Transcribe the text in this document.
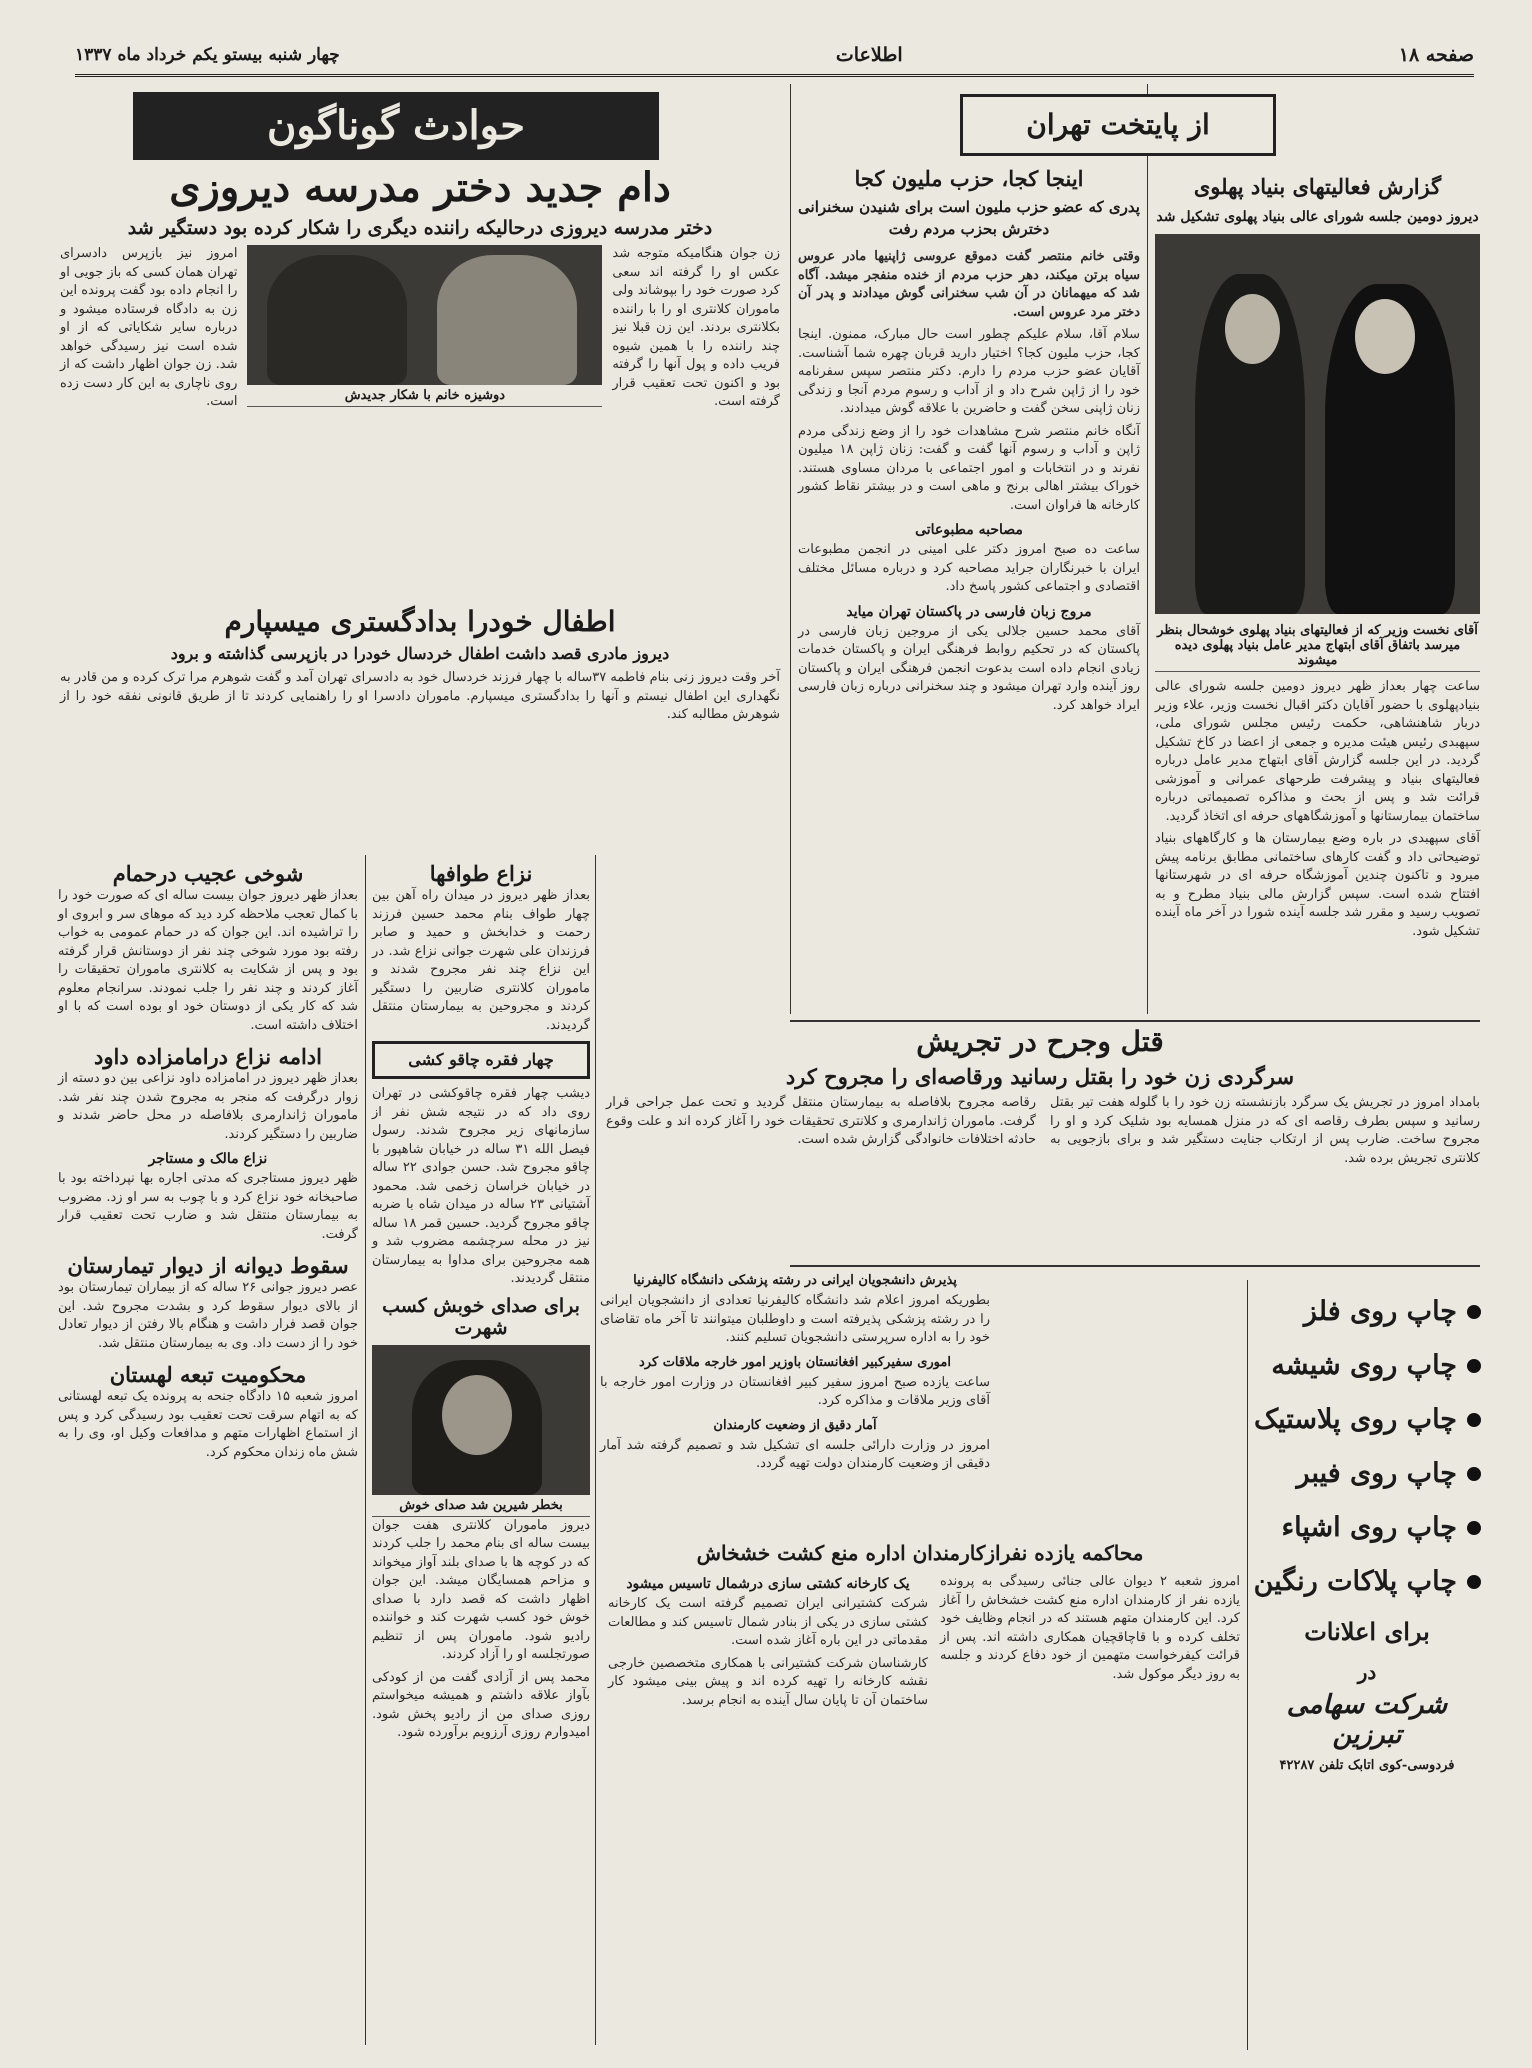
صفحه ۱۸
اطلاعات
چهار شنبه بیستو یکم خرداد ماه ۱۳۳۷
از پایتخت تهران
گزارش فعالیتهای بنیاد پهلوی
دیروز دومین جلسه شورای عالی بنیاد پهلوی تشکیل شد
آقای نخست وزیر که از فعالیتهای بنیاد پهلوی خوشحال بنظر میرسد باتفاق آقای ابتهاج مدیر عامل بنیاد پهلوی دیده میشوند

ساعت چهار بعداز ظهر دیروز دومین جلسه شورای عالی بنیادپهلوی با حضور آقایان دکتر اقبال نخست وزیر، علاء وزیر دربار شاهنشاهی، حکمت رئیس مجلس شورای ملی، سپهبدی رئیس هیئت مدیره و جمعی از اعضا در کاخ تشکیل گردید. در این جلسه گزارش آقای ابتهاج مدیر عامل درباره فعالیتهای بنیاد و پیشرفت طرحهای عمرانی و آموزشی قرائت شد و پس از بحث و مذاکره تصمیماتی درباره ساختمان بیمارستانها و آموزشگاههای حرفه ای اتخاذ گردید.

آقای سپهبدی در باره وضع بیمارستان ها و کارگاههای بنیاد توضیحاتی داد و گفت کارهای ساختمانی مطابق برنامه پیش میرود و تاکنون چندین آموزشگاه حرفه ای در شهرستانها افتتاح شده است. سپس گزارش مالی بنیاد مطرح و به تصویب رسید و مقرر شد جلسه آینده شورا در آخر ماه آینده تشکیل شود.

اینجا کجا، حزب ملیون کجا
پدری که عضو حزب ملیون است برای شنیدن سخنرانی دخترش بحزب مردم رفت

وقتی خانم منتصر گفت دموقع عروسی ژاپنیها مادر عروس سیاه برتن میکند، دهر حزب مردم از خنده منفجر میشد. آگاه شد که میهمانان در آن شب سخنرانی گوش میدادند و پدر آن دختر مرد عروس است.

سلام آقا، سلام علیکم چطور است حال مبارک، ممنون. اینجا کجا، حزب ملیون کجا؟ اختیار دارید قربان چهره شما آشناست. آقایان عضو حزب مردم را دارم. دکتر منتصر سپس سفرنامه خود را از ژاپن شرح داد و از آداب و رسوم مردم آنجا و زندگی زنان ژاپنی سخن گفت و حاضرین با علاقه گوش میدادند.

آنگاه خانم منتصر شرح مشاهدات خود را از وضع زندگی مردم ژاپن و آداب و رسوم آنها گفت و گفت: زنان ژاپن ۱۸ میلیون نفرند و در انتخابات و امور اجتماعی با مردان مساوی هستند. خوراک بیشتر اهالی برنج و ماهی است و در بیشتر نقاط کشور کارخانه ها فراوان است.

مصاحبه مطبوعاتی

ساعت ده صبح امروز دکتر علی امینی در انجمن مطبوعات ایران با خبرنگاران جراید مصاحبه کرد و درباره مسائل مختلف اقتصادی و اجتماعی کشور پاسخ داد.

مروج زبان فارسی در پاکستان تهران میاید

آقای محمد حسین جلالی یکی از مروجین زبان فارسی در پاکستان که در تحکیم روابط فرهنگی ایران و پاکستان خدمات زیادی انجام داده است بدعوت انجمن فرهنگی ایران و پاکستان روز آینده وارد تهران میشود و چند سخنرانی درباره زبان فارسی ایراد خواهد کرد.

حوادث گوناگون
دام جدید دختر مدرسه دیروزی
دختر مدرسه دیروزی درحالیکه راننده دیگری را شکار کرده بود دستگیر شد

زن جوان هنگامیکه متوجه شد عکس او را گرفته اند سعی کرد صورت خود را بپوشاند ولی ماموران کلانتری او را با راننده بکلانتری بردند. این زن قبلا نیز چند راننده را با همین شیوه فریب داده و پول آنها را گرفته بود و اکنون تحت تعقیب قرار گرفته است.

دوشیزه خانم با شکار جدیدش

امروز نیز بازپرس دادسرای تهران همان کسی که باز جویی او را انجام داده بود گفت پرونده این زن به دادگاه فرستاده میشود و درباره سایر شکایاتی که از او شده است نیز رسیدگی خواهد شد. زن جوان اظهار داشت که از روی ناچاری به این کار دست زده است.

اطفال خودرا بدادگستری میسپارم
دیروز مادری قصد داشت اطفال خردسال خودرا در بازپرسی گذاشته و برود

آخر وقت دیروز زنی بنام فاطمه ۳۷ساله با چهار فرزند خردسال خود به دادسرای تهران آمد و گفت شوهرم مرا ترک کرده و من قادر به نگهداری این اطفال نیستم و آنها را بدادگستری میسپارم. ماموران دادسرا او را راهنمایی کردند تا از طریق قانونی نفقه خود را از شوهرش مطالبه کند.

شوخی عجیب درحمام

بعداز ظهر دیروز جوان بیست ساله ای که صورت خود را با کمال تعجب ملاحظه کرد دید که موهای سر و ابروی او را تراشیده اند. این جوان که در حمام عمومی به خواب رفته بود مورد شوخی چند نفر از دوستانش قرار گرفته بود و پس از شکایت به کلانتری ماموران تحقیقات را آغاز کردند و چند نفر را جلب نمودند. سرانجام معلوم شد که کار یکی از دوستان خود او بوده است که با او اختلاف داشته است.

ادامه نزاع درامامزاده داود

بعداز ظهر دیروز در امامزاده داود نزاعی بین دو دسته از زوار درگرفت که منجر به مجروح شدن چند نفر شد. ماموران ژاندارمری بلافاصله در محل حاضر شدند و ضاربین را دستگیر کردند.

نزاع مالک و مستاجر

ظهر دیروز مستاجری که مدتی اجاره بها نپرداخته بود با صاحبخانه خود نزاع کرد و با چوب به سر او زد. مضروب به بیمارستان منتقل شد و ضارب تحت تعقیب قرار گرفت.

سقوط دیوانه از دیوار تیمارستان

عصر دیروز جوانی ۲۶ ساله که از بیماران تیمارستان بود از بالای دیوار سقوط کرد و بشدت مجروح شد. این جوان قصد فرار داشت و هنگام بالا رفتن از دیوار تعادل خود را از دست داد. وی به بیمارستان منتقل شد.

محکومیت تبعه لهستان

امروز شعبه ۱۵ دادگاه جنحه به پرونده یک تبعه لهستانی که به اتهام سرقت تحت تعقیب بود رسیدگی کرد و پس از استماع اظهارات متهم و مدافعات وکیل او، وی را به شش ماه زندان محکوم کرد.

نزاع طوافها

بعداز ظهر دیروز در میدان راه آهن بین چهار طواف بنام محمد حسین فرزند رحمت و خدابخش و حمید و صابر فرزندان علی شهرت جوانی نزاع شد. در این نزاع چند نفر مجروح شدند و ماموران کلانتری ضاربین را دستگیر کردند و مجروحین به بیمارستان منتقل گردیدند.

چهار فقره چاقو کشی

دیشب چهار فقره چاقوکشی در تهران روی داد که در نتیجه شش نفر از سازمانهای زیر مجروح شدند. رسول فیصل الله ۳۱ ساله در خیابان شاهپور با چاقو مجروح شد. حسن جوادی ۲۲ ساله در خیابان خراسان زخمی شد. محمود آشتیانی ۲۳ ساله در میدان شاه با ضربه چاقو مجروح گردید. حسین قمر ۱۸ ساله نیز در محله سرچشمه مضروب شد و همه مجروحین برای مداوا به بیمارستان منتقل گردیدند.

برای صدای خوبش کسب شهرت
بخطر شیرین شد صدای خوش

دیروز ماموران کلانتری هفت جوان بیست ساله ای بنام محمد را جلب کردند که در کوچه ها با صدای بلند آواز میخواند و مزاحم همسایگان میشد. این جوان اظهار داشت که قصد دارد با صدای خوش خود کسب شهرت کند و خواننده رادیو شود. ماموران پس از تنظیم صورتجلسه او را آزاد کردند.

محمد پس از آزادی گفت من از کودکی بآواز علاقه داشتم و همیشه میخواستم روزی صدای من از رادیو پخش شود. امیدوارم روزی آرزویم برآورده شود.

قتل وجرح در تجریش
سرگردی زن خود را بقتل رسانید ورقاصه‌ای را مجروح کرد

بامداد امروز در تجریش یک سرگرد بازنشسته زن خود را با گلوله هفت تیر بقتل رسانید و سپس بطرف رقاصه ای که در منزل همسایه بود شلیک کرد و او را مجروح ساخت. ضارب پس از ارتکاب جنایت دستگیر شد و برای بازجویی به کلانتری تجریش برده شد.

رقاصه مجروح بلافاصله به بیمارستان منتقل گردید و تحت عمل جراحی قرار گرفت. ماموران ژاندارمری و کلانتری تحقیقات خود را آغاز کرده اند و علت وقوع حادثه اختلافات خانوادگی گزارش شده است.

پذیرش دانشجویان ایرانی در رشته پزشکی دانشگاه کالیفرنیا

بطوریکه امروز اعلام شد دانشگاه کالیفرنیا تعدادی از دانشجویان ایرانی را در رشته پزشکی پذیرفته است و داوطلبان میتوانند تا آخر ماه تقاضای خود را به اداره سرپرستی دانشجویان تسلیم کنند.

اموری سفیرکبیر افغانستان باوزیر امور خارجه ملاقات کرد

ساعت یازده صبح امروز سفیر کبیر افغانستان در وزارت امور خارجه با آقای وزیر ملاقات و مذاکره کرد.

آمار دقیق از وضعیت کارمندان

امروز در وزارت دارائی جلسه ای تشکیل شد و تصمیم گرفته شد آمار دقیقی از وضعیت کارمندان دولت تهیه گردد.

محاکمه یازده نفرازکارمندان اداره منع کشت خشخاش

امروز شعبه ۲ دیوان عالی جنائی رسیدگی به پرونده یازده نفر از کارمندان اداره منع کشت خشخاش را آغاز کرد. این کارمندان متهم هستند که در انجام وظایف خود تخلف کرده و با قاچاقچیان همکاری داشته اند. پس از قرائت کیفرخواست متهمین از خود دفاع کردند و جلسه به روز دیگر موکول شد.

یک کارخانه کشتی سازی درشمال تاسیس میشود

شرکت کشتیرانی ایران تصمیم گرفته است یک کارخانه کشتی سازی در یکی از بنادر شمال تاسیس کند و مطالعات مقدماتی در این باره آغاز شده است.

کارشناسان شرکت کشتیرانی با همکاری متخصصین خارجی نقشه کارخانه را تهیه کرده اند و پیش بینی میشود کار ساختمان آن تا پایان سال آینده به انجام برسد.

چاپ روی فلز
چاپ روی شیشه
چاپ روی پلاستیک
چاپ روی فیبر
چاپ روی اشپاء
چاپ پلاکات رنگین
برای اعلانات
در
شرکت سهامی تبرزین
فردوسی-کوی اتابک تلفن ۴۲۲۸۷
